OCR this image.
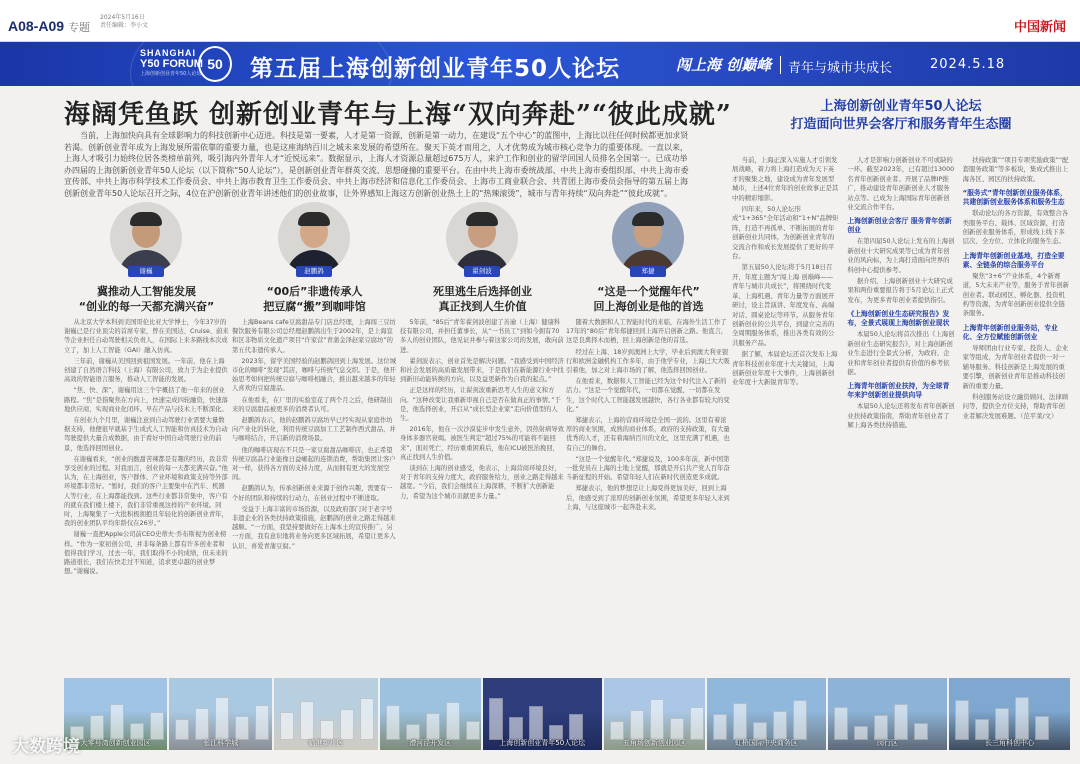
A08-A09 专题
2024年5月16日
责任编辑：李小文	中国新闻
SHANGHAI
Y50 FORUM
上海创新创业青年50人论坛
50	第五届上海创新创业青年50人论坛	闯上海 创巅峰 青年与城市共成长	2024.5.18
海阔凭鱼跃 创新创业青年与上海“双向奔赴”“彼此成就”
当前，上海加快向具有全球影响力的科技创新中心迈进。科技是第一要素，人才是第一资源，创新是第一动力，在建设“五个中心”的蓝图中，上海比以往任何时候都更加求贤若渴。创新创业青年成为上海发展所需依靠的重要力量，也是这座海纳百川之城未来发展的希望所在。聚天下英才而用之，人才优势成为城市核心竞争力的重要体现。一直以来，上海人才吸引力始终位居各类榜单前列，吸引海内外青年人才“近悦远来”。数据显示，上海人才资源总量超过675万人，来沪工作和创业的留学回国人员排名全国第一。已成功举办四届的上海创新创业青年50人论坛（以下简称“50人论坛”），是创新创业青年群英交流、思想碰撞的重要平台。在由中共上海市委统战部、中共上海市委组织部、中共上海市委宣传部、中共上海市科学技术工作委员会、中共上海市教育卫生工作委员会、中共上海市经济和信息化工作委员会、上海市工商业联合会、共青团上海市委员会指导的第五届上海创新创业青年50人论坛召开之际，4位在沪创新创业青年讲述他们的创业故事，让外界感知上海这方创新创业热土上的“热辣滚烫”，城市与青年持续“双向奔赴”“彼此成就”。
谢巍
冀推动人工智能发展
“创业的每一天都充满兴奋”

从北京大学本科到美国哥伦比亚大学博士，今年37岁的谢巍已是行业顶尖的首席专家，曾在美国达、Cruise、蔚来等企业担任自动驾驶相关负责人，在国际上来多路线本次成立了，加上人工智能（GAI）融入仿真。

三年前，谢巍从美国回到祖国发展。一年前，他在上海创建了自然语言科技（上海）有限公司，致力于为企业提供高效的智能语言服务，推动人工智能的发展。

“焦、快、深”，谢巍用这三个字概括了他一年来的创业路程。“焦”是指聚焦在方向上，快速完成四轮融资，快速落地供应商，实现商业化闭环。早在产品与技术上不断深化。

在创业九个月里，谢巍注意到自动驾驶行业需要大量数据支持，他便很早就基于生成式人工智能和仿真技术为自动驾驶提供大量合成数据，由于看好中国自动驾驶行业的前景，他选择回国创业。

在谢巍看来，“创业的酸甜苦辣都是有趣的经历，我非常享受创业的过程。对我而言，创业的每一天都充满兴奋。”他认为，在上海创业，客户群体、产业环境和政策支持等外部环境都非常好。“暂时，我们的客户主要集中在汽车、机器人等行业，在上海都能找到。这些行业都非常集中，客户有的就在我们楼上楼下，我们非常重视这样的产业环境。同时，上海聚集了一大批积极拥抱且年轻化的创新创业青年，我的创业团队平均年龄仅在26岁。”

谢巍一直把Apple公司前CEO史蒂夫·乔布斯视为创业榜样。“作为一家初创公司，并非每条路上都有许多创业者和值得我们学习，过去一年，我们取得不小的成绩，但未来的路道很长，我们在快走过不知道，追求更卓越的创业梦想。”谢巍说。

赵鹏鸽
“00后”非遗传承人
把豆腐“搬”到咖啡馆

上海Beans cafe豆腐甜品专门店总经理，上海闯三豆坊餐饮服务有限公司总经理赵鹏鸽出生于2002年，是上海宣和区非物质文化遗产项目“许家营”青蒲金泽赵家豆腐坊”的第五代非遗传承人。

2023年，留学美国经验的赵鹏鸽回到上海发展。这位城市化的咖啡“发现”其店，咖啡与传统气息交织。于是，他开始思考如何把传统豆腐与咖啡相融合，推出越来越多的年轻人喜欢的豆腐甜品。

在他看来，在厂里的实验室花了两个月之后，他研制出来的豆腐甜品被更多的消费者认可。

赵鹏鸽表示，他的赵鹏鸽豆腐坊早已经实现从家庭作坊向产业化的转化，利用传统豆腐加工工艺制作西式甜品，并与咖啡结合，开启新的消费场景。

他的咖啡店现在不只是一家豆腐甜品咖啡店，也正希望传统豆腐品行业能像日益崛起的连锁消费，帮助集团让客户对一样，获得各方面的支持力度，从而拥有更大的发展空间。

赵鹏鸽认为，传承创新创业来源于创作兴趣，需要有一个好的团队和持续的行动力，在创业过程中不断进取。

受益于上海丰富的市场资源，以及政府部门对于老字号非遗企业的各类扶持政策措施，赵鹏鸽的创业之路走得越来越顺。“一方面，我坚持要做好在上海本土的宣传推广，另一方面，我有意识地将业务向更多区域拓展，希望让更多人认识、喜爱青蒲豆腐。”

翟剑波
死里逃生后选择创业
真正找到人生价值

5年前，“85后”青年翟剑波创建了善逾（上海）健康科技有限公司，并担任董事长，从“一书员工”到如今拥有70多人的创业团队，他见证并参与着这家公司的发展，敢向前进。

翟剑波表示，创业首先是解决问题。“我感受到中国经济和社会发展的高质量发展带来，于是我们在新能源行业中找到新旧动能转换的方向，以及益更新作为自我的起点。”

正是这样的经历，让翟剑波重新思考人生的意义和方向。“这种改变让我重新审视自己是否在做真正的事情。”于是，他选择创业，开启从“成长型企业家”走向价值型的人生。

2016年，他在一次沙漠徒步中发生意外，因热射病导致身体多器官衰竭。被医生判定“超过75%的可能将不能回来”，面对死亡，经历重重困难后，他在ICU被医治挽回，真正找到人生价值。

谈到在上海的创业感受，他表示，上海营商环境良好，对于青年的支持力度大，政府服务给力，创业之路走得越来越宽。“今后，我们会继续在上海深耕，不断扩大创新能力，希望为这个城市贡献更多力量。”

郑捷
“这是一个觉醒年代”
回上海创业是他的首选

随着大数据和人工智能时代的来临，在海外生活工作了17年的“80后”青年郑捷回到上海开启创新之路。他直言，这是良禽择木而栖，回上海创新是他的首选。

经过在上海、18岁到澳洲上大学，毕业后到澳大利亚银行和欧洲金融机构工作多年，由于他学专业，上海已大大吸引着他，加之对上海市场的了解，他选择回国创业。

在他看来，数据和人工智能已经为这个时代注入了新的活力。“这是一个觉醒年代，一切都在觉醒，一切都在发生，这个时代人工智能越发展越快，各行各业都有较大的变化。”

郑捷表示，上海的营商环境是全国一流的。这里有着浓厚的商业氛围，成熟的商业体系，政府的支持政策，有大量优秀的人才，还有着海纳百川的文化，这里充满了机遇，也有自己的舞台。

“这是一个觉醒年代。”郑捷说及，100多年前，新中国第一批党员在上海的土地上觉醒，那就是开启共产党人百年奋斗新征程的开始。希望年轻人们在新时代创造更多成就。

郑捷表示，他的梦想是让上海变得更加美好，回到上海后，他感受到了浓厚的创新创业氛围，希望更多年轻人来到上海，与这座城市一起奔赴未来。

上海创新创业青年50人论坛
打造面向世界会客厅和服务青年生态圈

当前，上海正深入实施人才引领发展战略，着力将上海打造成为天下英才的聚集之地，建设成为青年发展型城市，上述4位青年的创业故事正是其中的精彩缩影。

四年来，50人论坛形成“1+365”全年活动和“1+N”品牌矩阵，打造不再孤单、不断拓展的青年创新创业共同体，为创新创业青年的交流合作和成长发展提供了更好的平台。

第五届50人论坛将于5月18日召开，年度主题为“闯上海 创巅峰——青年与城市共成长”，将围绕时代变革、上海机遇、青年力量等方面展开研讨，设主旨演讲、年度发布、高端对话、圆桌论坛等环节。从服务青年创新创业的公共平台，到建立完善的全周期服务体系，推出各类有效的公共服务产品。

据了解，本届论坛还首次发布上海青年科技创业年度十大关键词，上海创新创业年度十大事件，上海创新创业年度十大新锐青年等。

人才是影响力创新创业不可或缺的一环。截至2023年，已有超过13000名青年创新创业者。开展了品牌IP推广，推动建设青年创新创业人才服务站点等。已成为上海国际青年创新创业交流合作平台。

上海创新创业会客厅 服务青年创新创业

在第四届50人论坛上发布的上海创新创业十大研究成果等已成为青年创业的风向标，为上海打造面向世界的科创中心提供参考。

据介绍，上海创新创业十大研究成果和两份重要报告将于5月论坛上正式发布，为更多青年创业者提供指引。

《上海创新创业生态研究报告》发布，全景式展现上海创新创业现状

本届50人论坛将首次推出《上海创新创业生态研究报告》，对上海创新创业生态进行全景式分析，为政府、企业和青年创业者提供有价值的参考依据。

上海青年创新创业扶持，为全球青年来沪创新创业提供向导

本届50人论坛还将发布青年创新创业扶持政策指南，帮助青年创业者了解上海各类扶持措施。

扶持政策”“项目专项奖励政策”“配套服务政策”等多板块，集成式推出上海各区、园区的扶持政策。

“服务式”青年创新创业服务体系，共建创新创业服务体系和服务生态

联动论坛的各方资源，有效整合各类服务平台、载体、区域资源，打造创新创业服务体系，形成线上线下多层次、全方位、立体化的服务生态。

上海青年创新创业基地，打造全要素、全链条的综合服务平台

聚焦“3+6”产业体系，4个新赛道，5大未来产业等，服务于青年创新创业者。联动园区、孵化器、投资机构等资源，为青年创新创业提供全链条服务。

上海青年创新创业服务站，专业化、全方位赋能创新创业

导师团由行业专家、投资人、企业家等组成，为青年创业者提供一对一辅导服务。科技创新是上海发展的重要引擎，创新创业青年是推动科技创新的重要力量。

科创服务站设立融资顾问、法律顾问等，提供全方位支持，帮助青年创业者解决发展难题。（范平莱/文）

大零号湾创新创业园区	张江科学城	临港新片区	漕河泾开发区	上海创新创业青年50人论坛	五角场创新创业园区	虹桥国际中央商务区	闵行区	长三角科创中心
大数跨境
